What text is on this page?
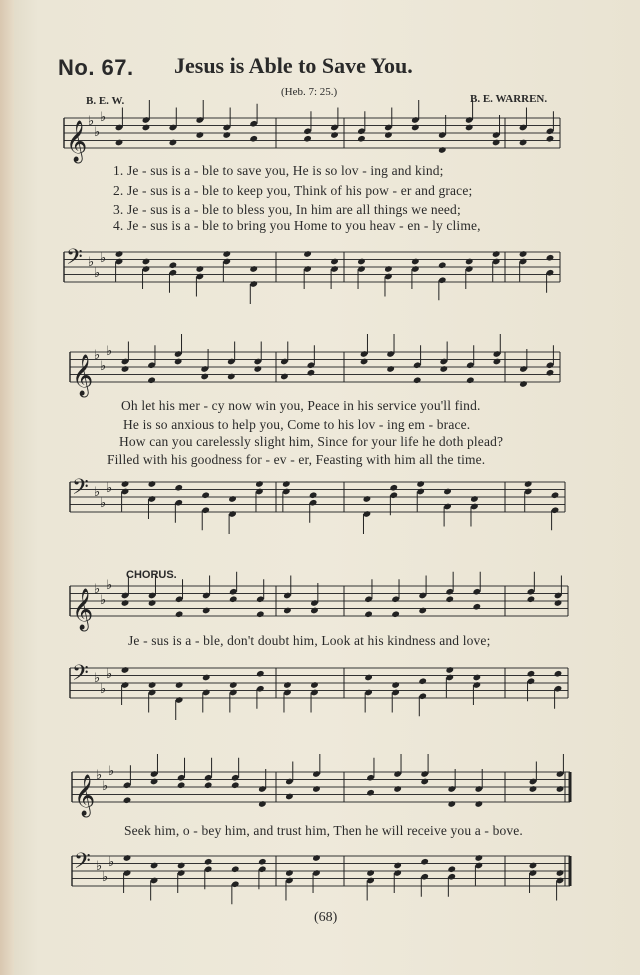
No. 67. Jesus is Able to Save You.
(Heb. 7: 25.)
B. E. W.	B. E. WARREN.
𝄞 ♭
♭
♭
𝄢 ♭
♭
♭
1. Je - sus is a - ble to save you, He is so lov - ing and kind;
2. Je - sus is a - ble to keep you, Think of his pow - er and grace;
3. Je - sus is a - ble to bless you, In him are all things we need;
4. Je - sus is a - ble to bring you Home to you heav - en - ly clime,
𝄞 ♭
♭
♭
𝄢 ♭
♭
♭
Oh let his mer - cy now win you, Peace in his service you'll find.
He is so anxious to help you, Come to his lov - ing em - brace.
How can you carelessly slight him, Since for your life he doth plead?
Filled with his goodness for - ev - er, Feasting with him all the time.
CHORUS.
𝄞 ♭
♭
♭
𝄢 ♭
♭
♭
Je - sus is a - ble, don't doubt him, Look at his kindness and love;
𝄞 ♭
♭
♭
𝄢 ♭
♭
♭
Seek him, o - bey him, and trust him, Then he will receive you a - bove.
(68)
